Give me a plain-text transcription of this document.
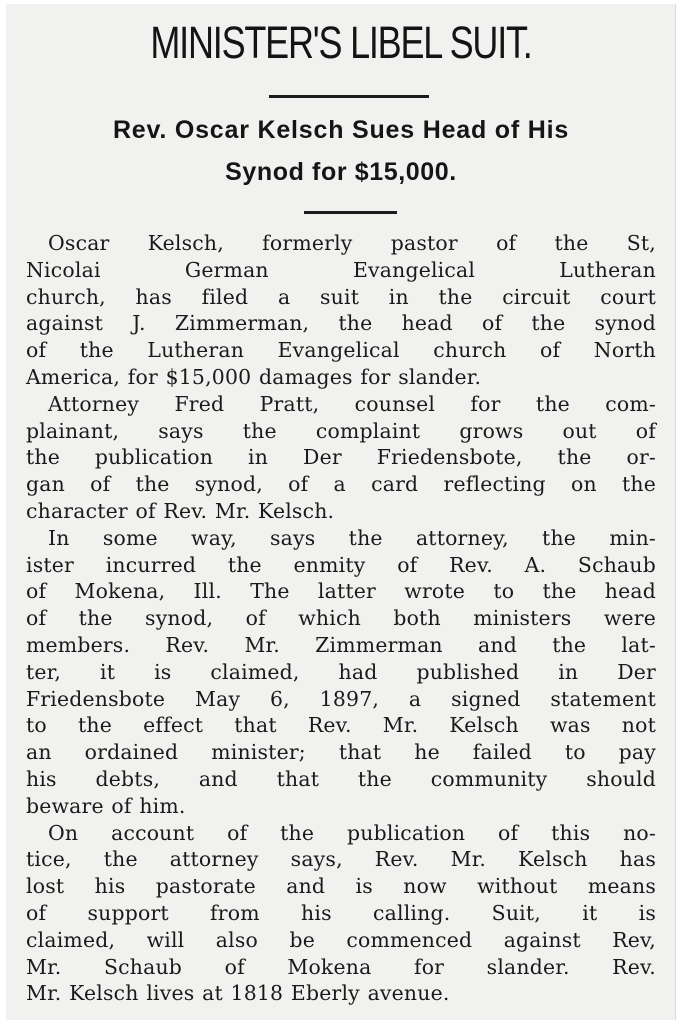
MINISTER'S LIBEL SUIT.
Rev. Oscar Kelsch Sues Head of His
Synod for $15,000.
Oscar Kelsch, formerly pastor of the St,
Nicolai German Evangelical Lutheran
church, has filed a suit in the circuit court
against J. Zimmerman, the head of the synod
of the Lutheran Evangelical church of North
America, for $15,000 damages for slander.
Attorney Fred Pratt, counsel for the com-
plainant, says the complaint grows out of
the publication in Der Friedensbote, the or-
gan of the synod, of a card reflecting on the
character of Rev. Mr. Kelsch.
In some way, says the attorney, the min-
ister incurred the enmity of Rev. A. Schaub
of Mokena, Ill. The latter wrote to the head
of the synod, of which both ministers were
members. Rev. Mr. Zimmerman and the lat-
ter, it is claimed, had published in Der
Friedensbote May 6, 1897, a signed statement
to the effect that Rev. Mr. Kelsch was not
an ordained minister; that he failed to pay
his debts, and that the community should
beware of him.
On account of the publication of this no-
tice, the attorney says, Rev. Mr. Kelsch has
lost his pastorate and is now without means
of support from his calling. Suit, it is
claimed, will also be commenced against Rev,
Mr. Schaub of Mokena for slander. Rev.
Mr. Kelsch lives at 1818 Eberly avenue.
